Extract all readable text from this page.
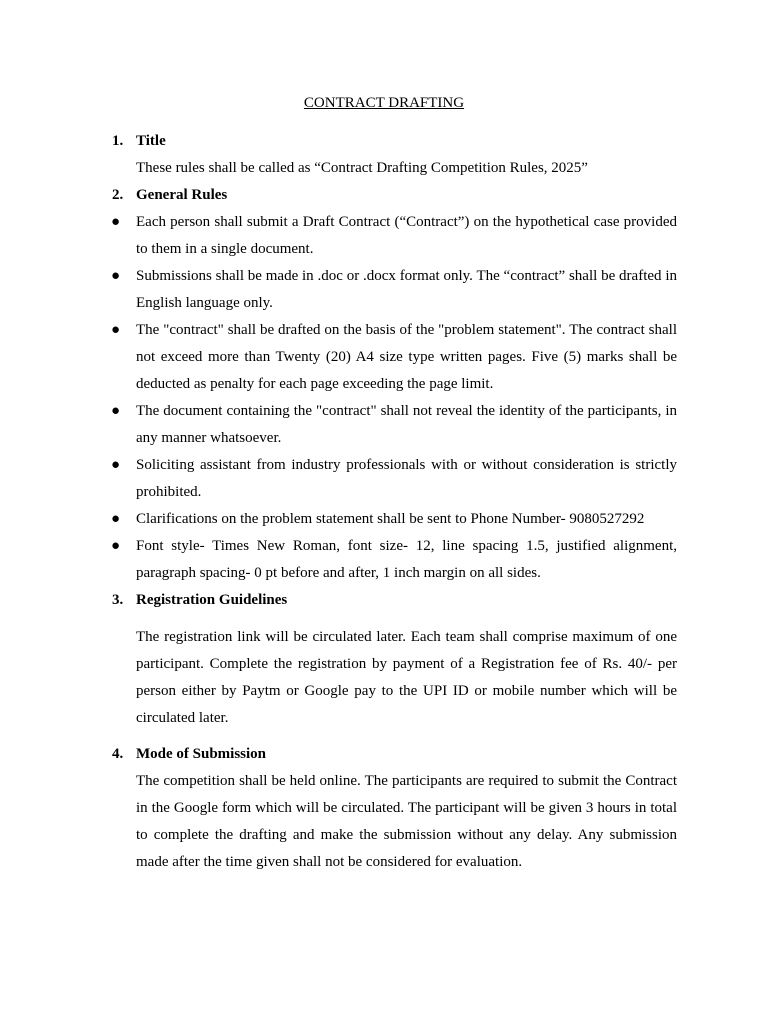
CONTRACT DRAFTING
1. Title
These rules shall be called as “Contract Drafting Competition Rules, 2025”
2. General Rules
● Each person shall submit a Draft Contract (“Contract”) on the hypothetical case provided to them in a single document.
● Submissions shall be made in .doc or .docx format only. The “contract” shall be drafted in English language only.
● The "contract" shall be drafted on the basis of the "problem statement". The contract shall not exceed more than Twenty (20) A4 size type written pages. Five (5) marks shall be deducted as penalty for each page exceeding the page limit.
● The document containing the "contract" shall not reveal the identity of the participants, in any manner whatsoever.
● Soliciting assistant from industry professionals with or without consideration is strictly prohibited.
● Clarifications on the problem statement shall be sent to Phone Number- 9080527292
● Font style- Times New Roman, font size- 12, line spacing 1.5, justified alignment, paragraph spacing- 0 pt before and after, 1 inch margin on all sides.
3. Registration Guidelines
The registration link will be circulated later. Each team shall comprise maximum of one participant. Complete the registration by payment of a Registration fee of Rs. 40/- per person either by Paytm or Google pay to the UPI ID or mobile number which will be circulated later.
4. Mode of Submission
The competition shall be held online. The participants are required to submit the Contract in the Google form which will be circulated. The participant will be given 3 hours in total to complete the drafting and make the submission without any delay. Any submission made after the time given shall not be considered for evaluation.
